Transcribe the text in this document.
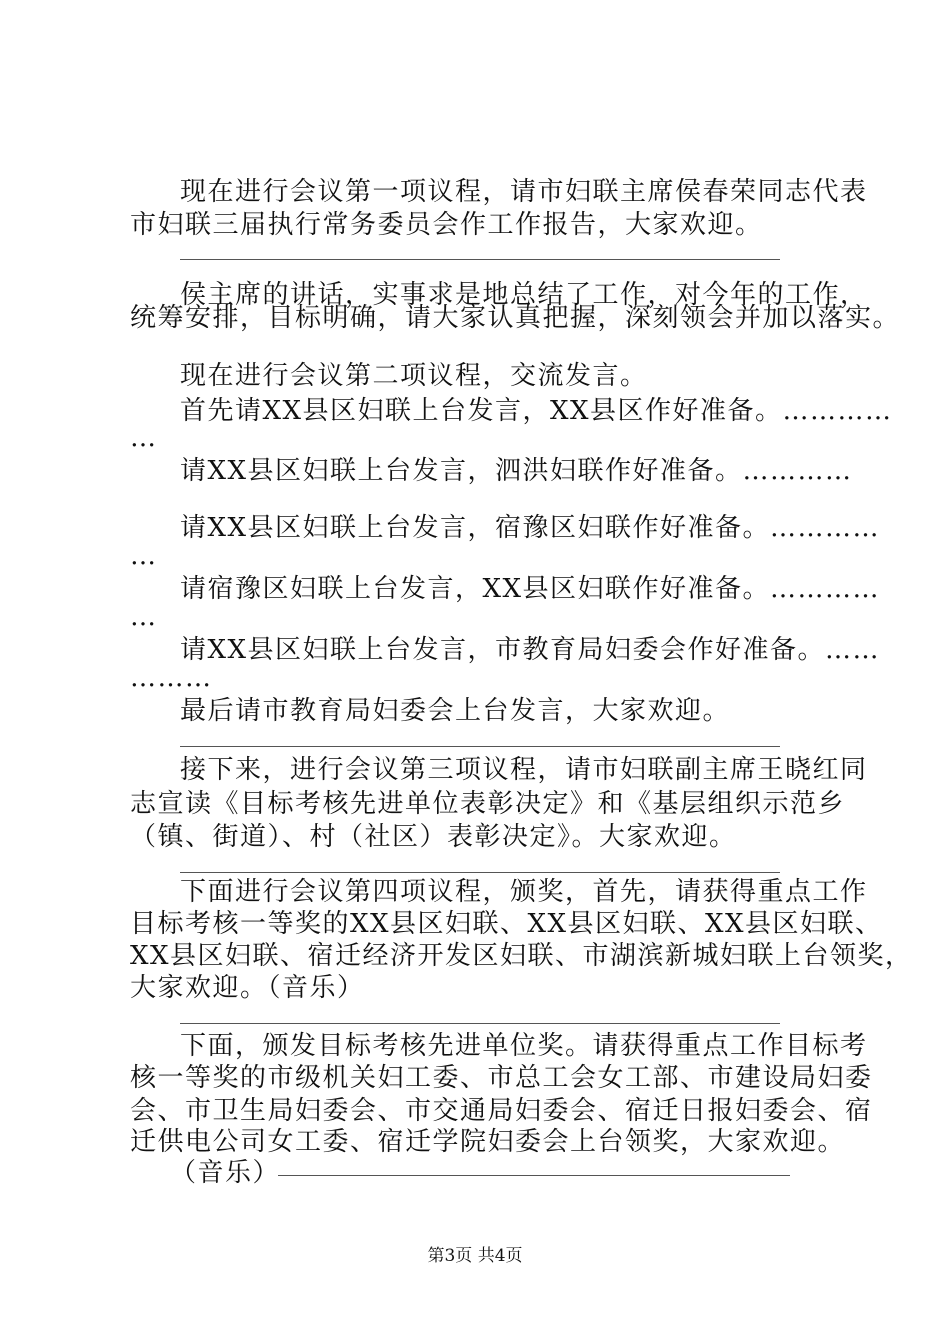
现在进行会议第一项议程，请市妇联主席侯春荣同志代表
市妇联三届执行常务委员会作工作报告，大家欢迎。
侯主席的讲话，实事求是地总结了工作，对今年的工作，
统筹安排，目标明确，请大家认真把握，深刻领会并加以落实。
现在进行会议第二项议程，交流发言。
首先请XX县区妇联上台发言，XX县区作好准备。…………
…
请XX县区妇联上台发言，泗洪妇联作好准备。…………
请XX县区妇联上台发言，宿豫区妇联作好准备。…………
…
请宿豫区妇联上台发言，XX县区妇联作好准备。…………
…
请XX县区妇联上台发言，市教育局妇委会作好准备。……
………
最后请市教育局妇委会上台发言，大家欢迎。
接下来，进行会议第三项议程，请市妇联副主席王晓红同
志宣读《目标考核先进单位表彰决定》和《基层组织示范乡
（镇、街道）、村（社区）表彰决定》。大家欢迎。
下面进行会议第四项议程，颁奖，首先，请获得重点工作
目标考核一等奖的XX县区妇联、XX县区妇联、XX县区妇联、
XX县区妇联、宿迁经济开发区妇联、市湖滨新城妇联上台领奖，
大家欢迎。（音乐）
下面，颁发目标考核先进单位奖。请获得重点工作目标考
核一等奖的市级机关妇工委、市总工会女工部、市建设局妇委
会、市卫生局妇委会、市交通局妇委会、宿迁日报妇委会、宿
迁供电公司女工委、宿迁学院妇委会上台领奖，大家欢迎。
（音乐）
第3页 共4页
